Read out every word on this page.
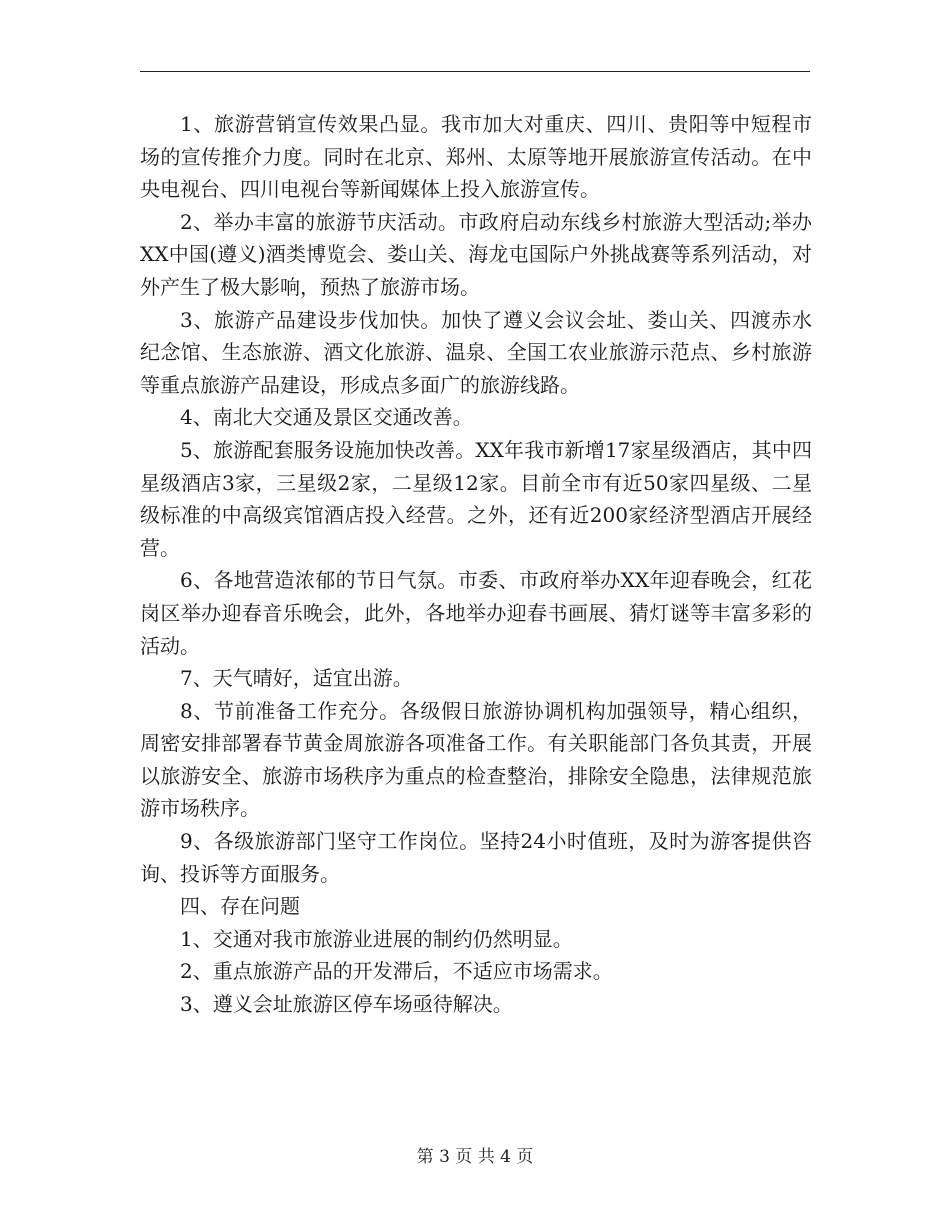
1、旅游营销宣传效果凸显。我市加大对重庆、四川、贵阳等中短程市场的宣传推介力度。同时在北京、郑州、太原等地开展旅游宣传活动。在中央电视台、四川电视台等新闻媒体上投入旅游宣传。

2、举办丰富的旅游节庆活动。市政府启动东线乡村旅游大型活动;举办XX中国(遵义)酒类博览会、娄山关、海龙屯国际户外挑战赛等系列活动，对外产生了极大影响，预热了旅游市场。

3、旅游产品建设步伐加快。加快了遵义会议会址、娄山关、四渡赤水纪念馆、生态旅游、酒文化旅游、温泉、全国工农业旅游示范点、乡村旅游等重点旅游产品建设，形成点多面广的旅游线路。

4、南北大交通及景区交通改善。

5、旅游配套服务设施加快改善。XX年我市新增17家星级酒店，其中四星级酒店3家，三星级2家，二星级12家。目前全市有近50家四星级、二星级标准的中高级宾馆酒店投入经营。之外，还有近200家经济型酒店开展经营。

6、各地营造浓郁的节日气氛。市委、市政府举办XX年迎春晚会，红花岗区举办迎春音乐晚会，此外，各地举办迎春书画展、猜灯谜等丰富多彩的活动。

7、天气晴好，适宜出游。

8、节前准备工作充分。各级假日旅游协调机构加强领导，精心组织，周密安排部署春节黄金周旅游各项准备工作。有关职能部门各负其责，开展以旅游安全、旅游市场秩序为重点的检查整治，排除安全隐患，法律规范旅游市场秩序。

9、各级旅游部门坚守工作岗位。坚持24小时值班，及时为游客提供咨询、投诉等方面服务。

四、存在问题

1、交通对我市旅游业进展的制约仍然明显。

2、重点旅游产品的开发滞后，不适应市场需求。

3、遵义会址旅游区停车场亟待解决。

第 3 页 共 4 页
